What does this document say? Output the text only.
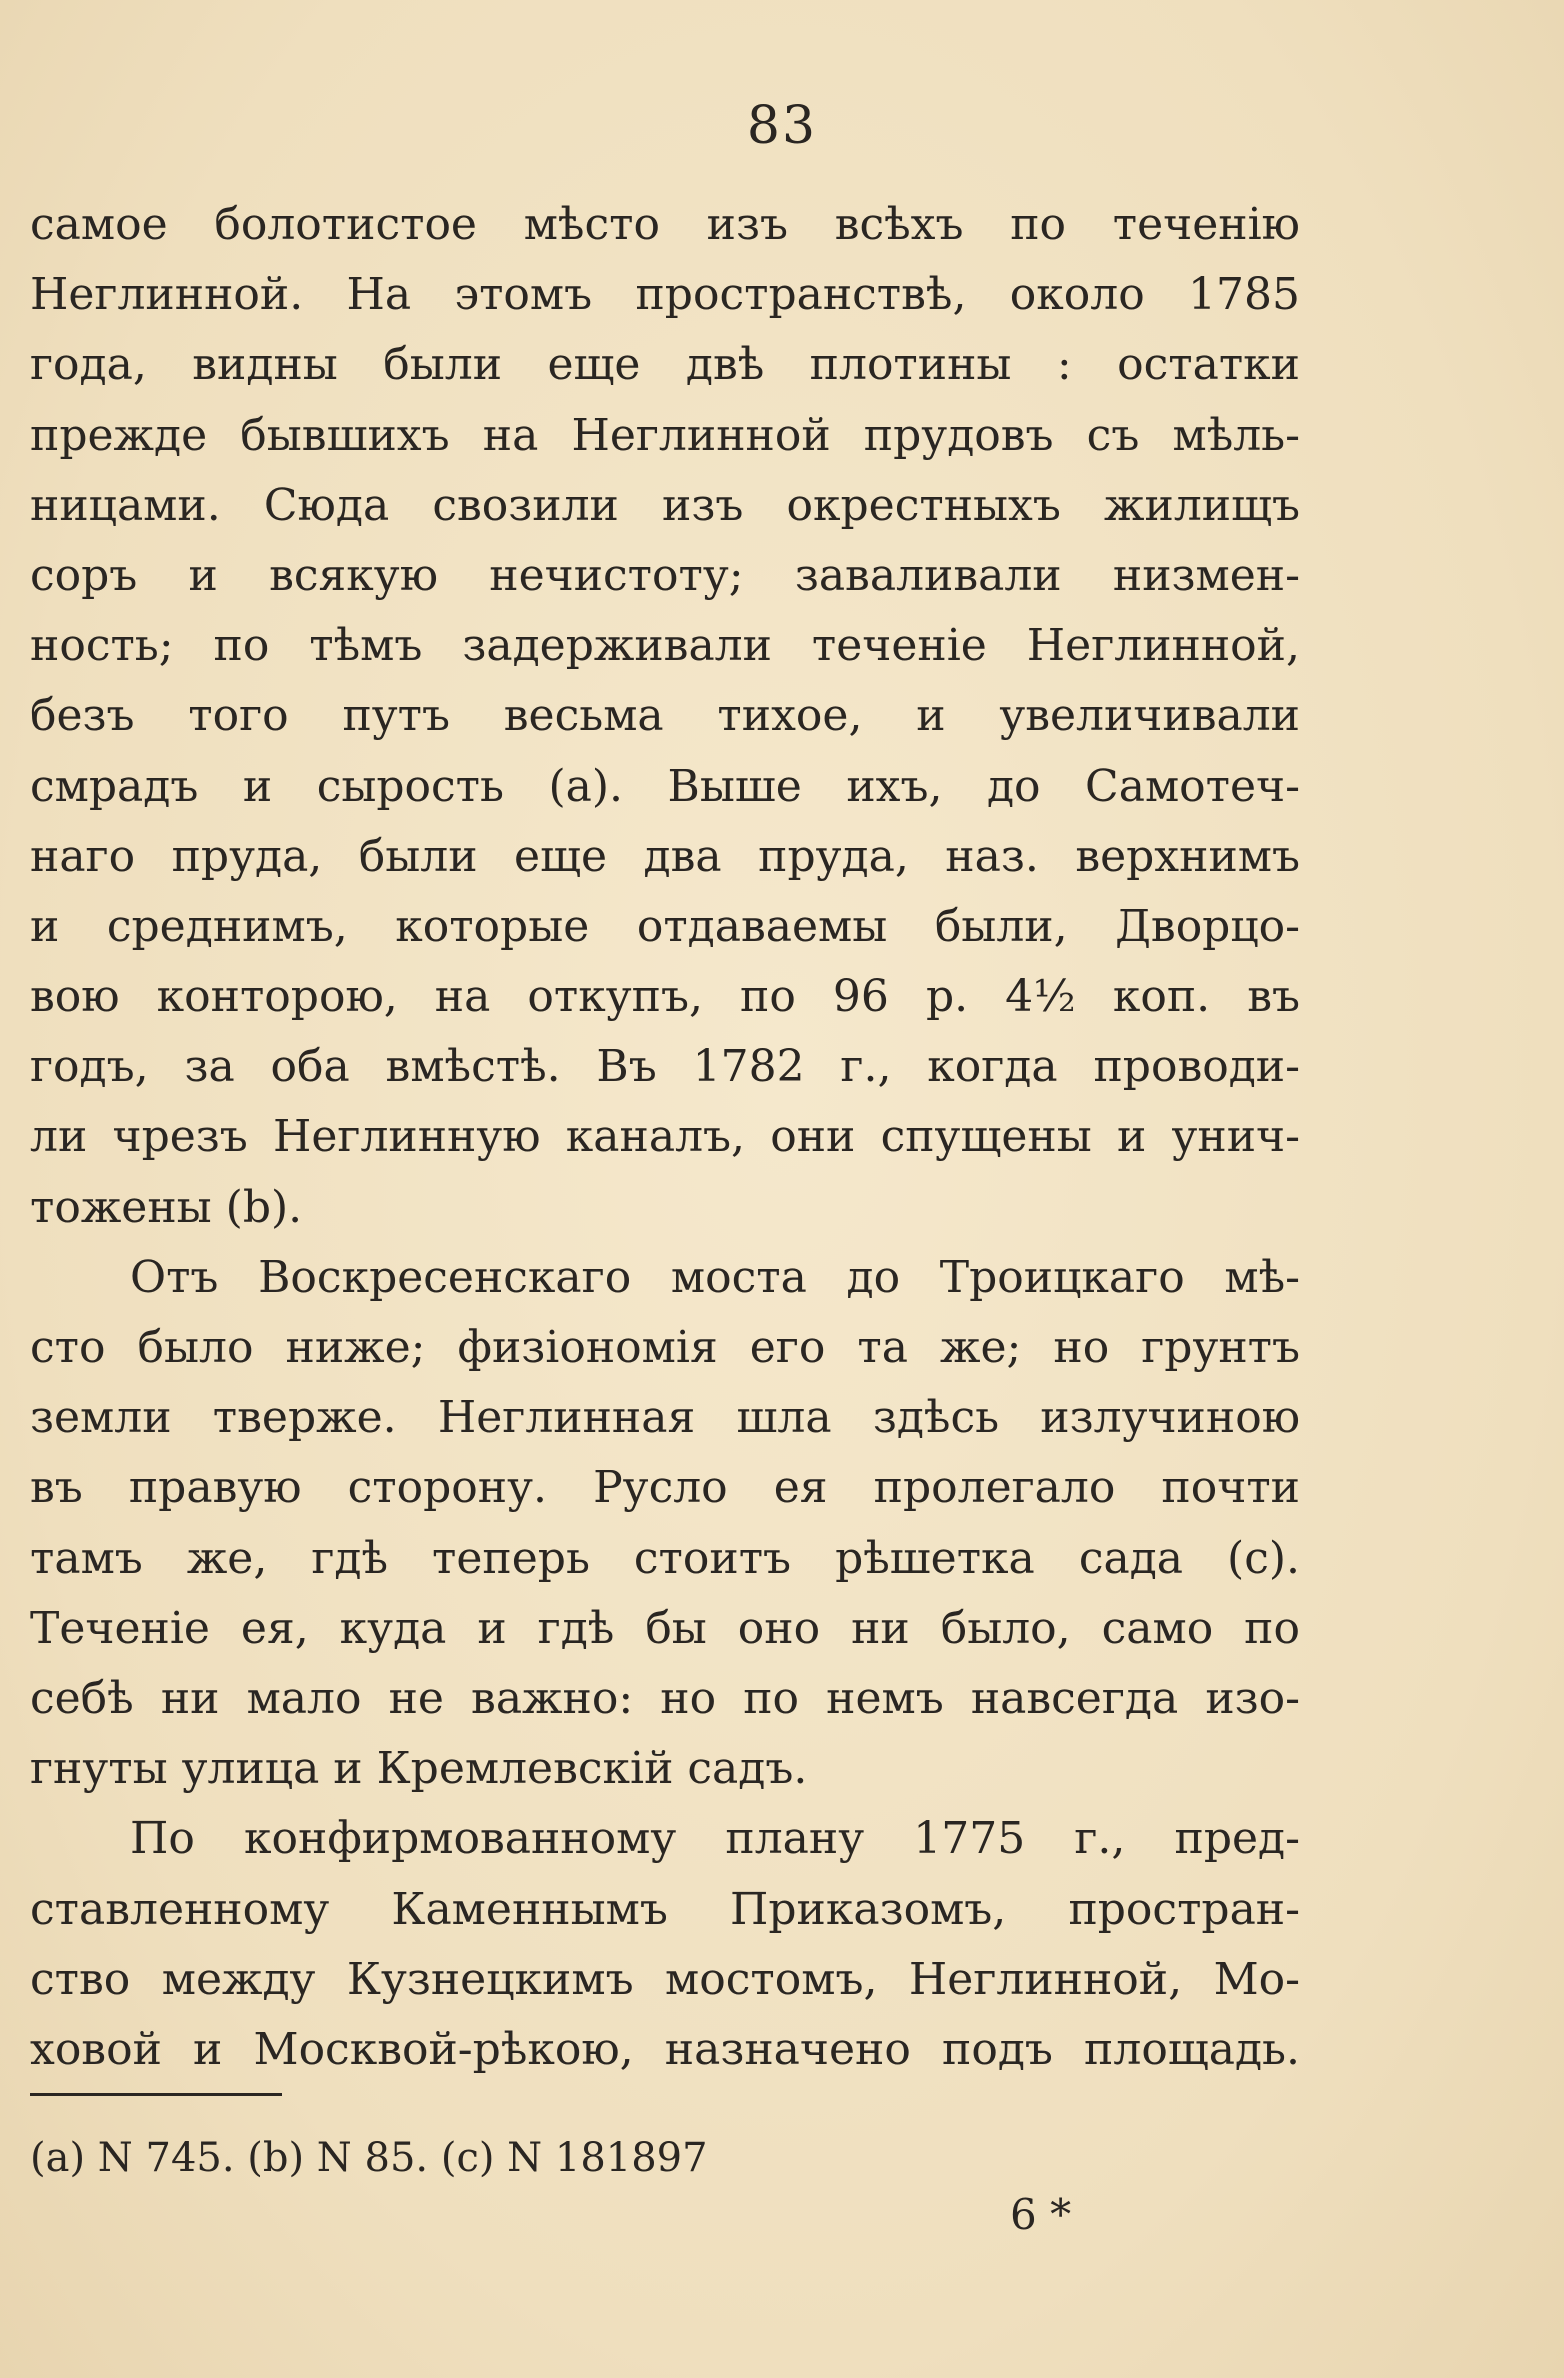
83
самое болотистое мѣсто изъ всѣхъ по теченію
Неглинной. На этомъ пространствѣ, около 1785
года, видны были еще двѣ плотины : остатки
прежде бывшихъ на Неглинной прудовъ съ мѣль-
ницами. Сюда свозили изъ окрестныхъ жилищъ
соръ и всякую нечистоту; заваливали низмен-
ность; по тѣмъ задерживали теченіе Неглинной,
безъ того путъ весьма тихое, и увеличивали
смрадъ и сырость (а). Выше ихъ, до Самотеч-
наго пруда, были еще два пруда, наз. верхнимъ
и среднимъ, которые отдаваемы были, Дворцо-
вою конторою, на откупъ, по 96 р. 4½ коп. въ
годъ, за оба вмѣстѣ. Въ 1782 г., когда проводи-
ли чрезъ Неглинную каналъ, они спущены и унич-
тожены (b).
Отъ Воскресенскаго моста до Троицкаго мѣ-
сто было ниже; физіономія его та же; но грунтъ
земли тверже. Неглинная шла здѣсь излучиною
въ правую сторону. Русло ея пролегало почти
тамъ же, гдѣ теперь стоитъ рѣшетка сада (с).
Теченіе ея, куда и гдѣ бы оно ни было, само по
себѣ ни мало не важно: но по немъ навсегда изо-
гнуты улица и Кремлевскій садъ.
По конфирмованному плану 1775 г., пред-
ставленному Каменнымъ Приказомъ, простран-
ство между Кузнецкимъ мостомъ, Неглинной, Мо-
ховой и Москвой-рѣкою, назначено подъ площадь.
(a) N 745. (b) N 85. (c) N 181897
6 *
